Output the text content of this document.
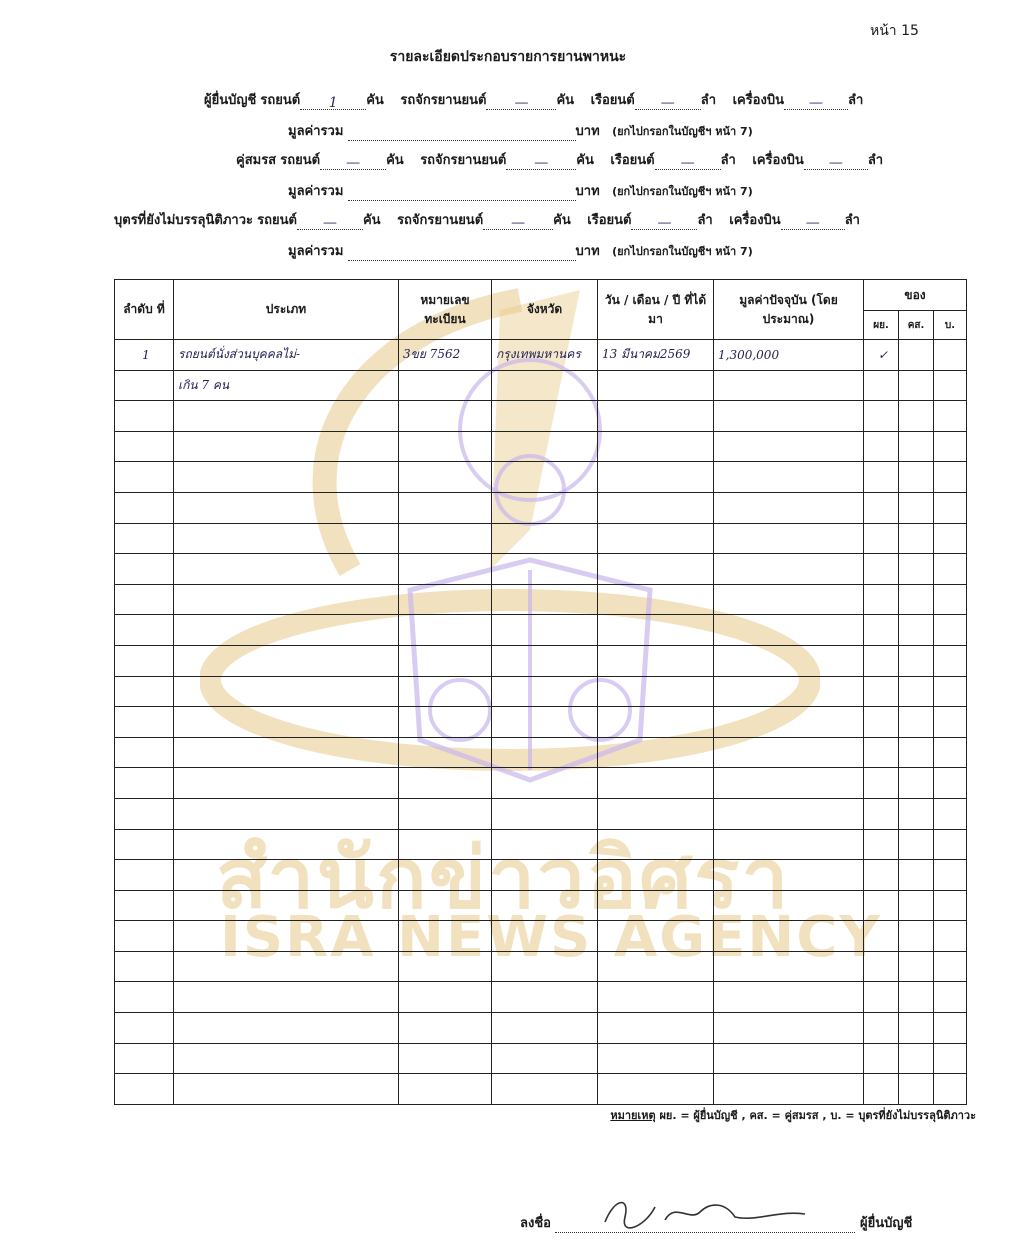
สำนักข่าวอิศรา
ISRA NEWS AGENCY
หน้า 15
รายละเอียดประกอบรายการยานพาหนะ
ผู้ยื่นบัญชี รถยนต์ 1 คัน รถจักรยานยนต์ — คัน เรือยนต์ — ลำ เครื่องบิน — ลำ
มูลค่ารวม	บาท (ยกไปกรอกในบัญชีฯ หน้า 7)
คู่สมรส รถยนต์ — คัน รถจักรยานยนต์ — คัน เรือยนต์ — ลำ เครื่องบิน — ลำ
มูลค่ารวม	บาท (ยกไปกรอกในบัญชีฯ หน้า 7)
บุตรที่ยังไม่บรรลุนิติภาวะ รถยนต์ — คัน รถจักรยานยนต์ — คัน เรือยนต์ — ลำ เครื่องบิน — ลำ
มูลค่ารวม	บาท (ยกไปกรอกในบัญชีฯ หน้า 7)
ลำดับ ที่	ประเภท	หมายเลข ทะเบียน	จังหวัด	วัน / เดือน / ปี ที่ได้มา	มูลค่าปัจจุบัน (โดยประมาณ)	ของ		
						ผย.	คส.	บ.
1	รถยนต์นั่งส่วนบุคคลไม่-	3ขย 7562	กรุงเทพมหานคร	13 มีนาคม2569	1,300,000	✓		
	เกิน 7 คน							

หมายเหตุ ผย. = ผู้ยื่นบัญชี , คส. = คู่สมรส , บ. = บุตรที่ยังไม่บรรลุนิติภาวะ
ลงชื่อ	ผู้ยื่นบัญชี
